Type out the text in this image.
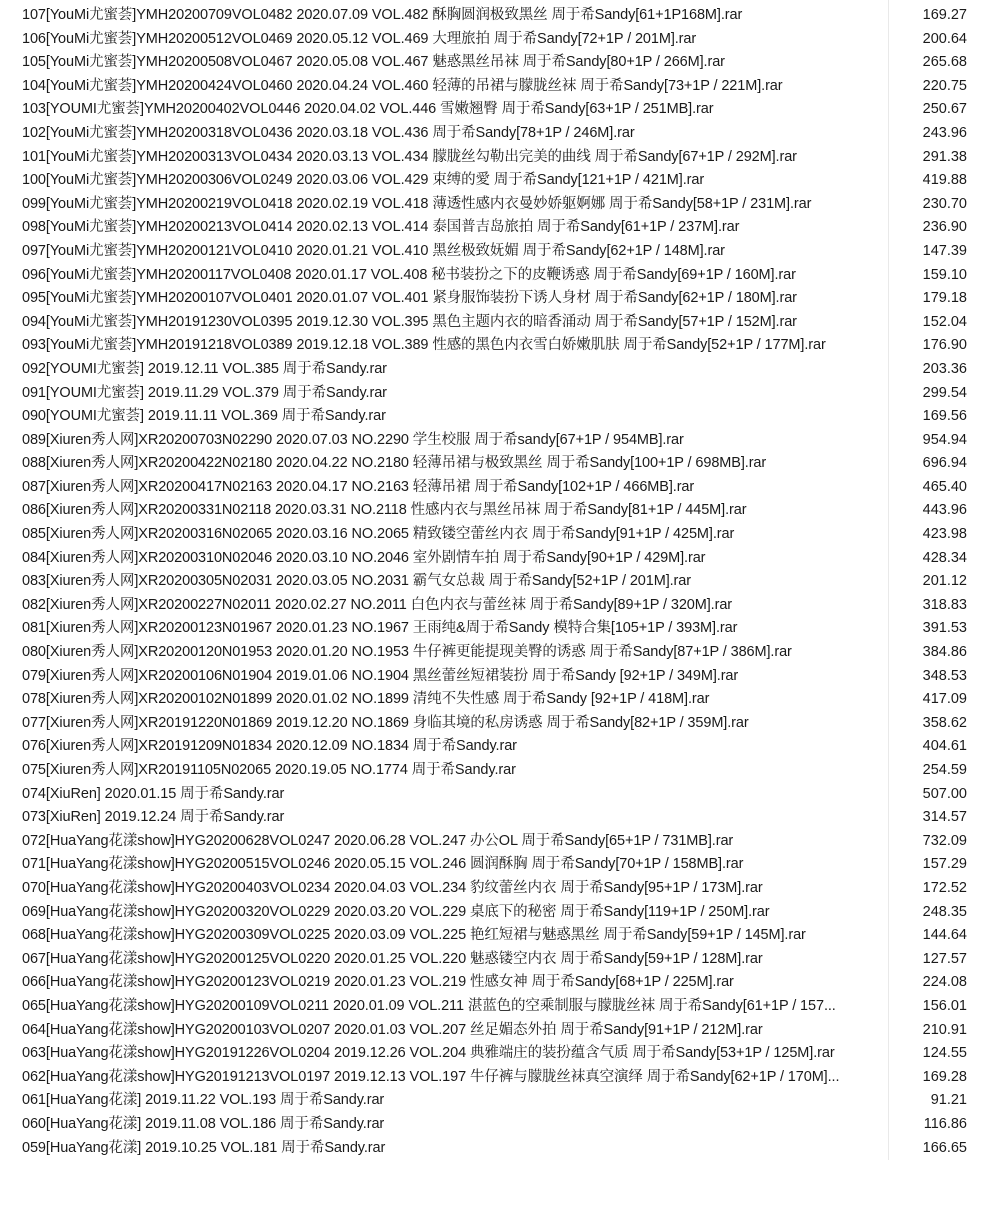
107[YouMi尤蜜荟]YMH20200709VOL0482 2020.07.09 VOL.482 酥胸圆润极致黑丝 周于希Sandy[61+1P168M].rar	169.27
106[YouMi尤蜜荟]YMH20200512VOL0469 2020.05.12 VOL.469 大理旅拍 周于希Sandy[72+1P / 201M].rar	200.64
105[YouMi尤蜜荟]YMH20200508VOL0467 2020.05.08 VOL.467 魅惑黑丝吊袜 周于希Sandy[80+1P / 266M].rar	265.68
104[YouMi尤蜜荟]YMH20200424VOL0460 2020.04.24 VOL.460 轻薄的吊裙与朦胧丝袜 周于希Sandy[73+1P / 221M].rar	220.75
103[YOUMI尤蜜荟]YMH20200402VOL0446 2020.04.02 VOL.446 雪嫩翘臀 周于希Sandy[63+1P / 251MB].rar	250.67
102[YouMi尤蜜荟]YMH20200318VOL0436 2020.03.18 VOL.436 周于希Sandy[78+1P / 246M].rar	243.96
101[YouMi尤蜜荟]YMH20200313VOL0434 2020.03.13 VOL.434 朦胧丝勾勒出完美的曲线 周于希Sandy[67+1P / 292M].rar	291.38
100[YouMi尤蜜荟]YMH20200306VOL0249 2020.03.06 VOL.429 束缚的愛 周于希Sandy[121+1P / 421M].rar	419.88
099[YouMi尤蜜荟]YMH20200219VOL0418 2020.02.19 VOL.418 薄透性感内衣曼妙娇躯婀娜 周于希Sandy[58+1P / 231M].rar	230.70
098[YouMi尤蜜荟]YMH20200213VOL0414 2020.02.13 VOL.414 泰国普吉岛旅拍 周于希Sandy[61+1P / 237M].rar	236.90
097[YouMi尤蜜荟]YMH20200121VOL0410 2020.01.21 VOL.410 黑丝极致妩媚 周于希Sandy[62+1P / 148M].rar	147.39
096[YouMi尤蜜荟]YMH20200117VOL0408 2020.01.17 VOL.408 秘书装扮之下的皮鞭诱惑 周于希Sandy[69+1P / 160M].rar	159.10
095[YouMi尤蜜荟]YMH20200107VOL0401 2020.01.07 VOL.401 紧身服饰装扮下诱人身材 周于希Sandy[62+1P / 180M].rar	179.18
094[YouMi尤蜜荟]YMH20191230VOL0395 2019.12.30 VOL.395 黑色主题内衣的暗香涌动 周于希Sandy[57+1P / 152M].rar	152.04
093[YouMi尤蜜荟]YMH20191218VOL0389 2019.12.18 VOL.389 性感的黑色内衣雪白娇嫩肌肤 周于希Sandy[52+1P / 177M].rar	176.90
092[YOUMI尤蜜荟] 2019.12.11 VOL.385 周于希Sandy.rar	203.36
091[YOUMI尤蜜荟] 2019.11.29 VOL.379 周于希Sandy.rar	299.54
090[YOUMI尤蜜荟] 2019.11.11 VOL.369 周于希Sandy.rar	169.56
089[Xiuren秀人网]XR20200703N02290 2020.07.03 NO.2290 学生校服 周于希sandy[67+1P / 954MB].rar	954.94
088[Xiuren秀人网]XR20200422N02180 2020.04.22 NO.2180 轻薄吊裙与极致黑丝 周于希Sandy[100+1P / 698MB].rar	696.94
087[Xiuren秀人网]XR20200417N02163 2020.04.17 NO.2163 轻薄吊裙 周于希Sandy[102+1P / 466MB].rar	465.40
086[Xiuren秀人网]XR20200331N02118 2020.03.31 NO.2118 性感内衣与黑丝吊袜 周于希Sandy[81+1P / 445M].rar	443.96
085[Xiuren秀人网]XR20200316N02065 2020.03.16 NO.2065 精致镂空蕾丝内衣 周于希Sandy[91+1P / 425M].rar	423.98
084[Xiuren秀人网]XR20200310N02046 2020.03.10 NO.2046 室外剧情车拍 周于希Sandy[90+1P / 429M].rar	428.34
083[Xiuren秀人网]XR20200305N02031 2020.03.05 NO.2031 霸气女总裁 周于希Sandy[52+1P / 201M].rar	201.12
082[Xiuren秀人网]XR20200227N02011 2020.02.27 NO.2011 白色内衣与蕾丝袜 周于希Sandy[89+1P / 320M].rar	318.83
081[Xiuren秀人网]XR20200123N01967 2020.01.23 NO.1967 王雨纯&周于希Sandy 模特合集[105+1P / 393M].rar	391.53
080[Xiuren秀人网]XR20200120N01953 2020.01.20 NO.1953 牛仔裤更能提现美臀的诱惑 周于希Sandy[87+1P / 386M].rar	384.86
079[Xiuren秀人网]XR20200106N01904 2019.01.06 NO.1904 黑丝蕾丝短裙装扮 周于希Sandy [92+1P / 349M].rar	348.53
078[Xiuren秀人网]XR20200102N01899 2020.01.02 NO.1899 清纯不失性感 周于希Sandy [92+1P / 418M].rar	417.09
077[Xiuren秀人网]XR20191220N01869 2019.12.20 NO.1869 身临其境的私房诱惑 周于希Sandy[82+1P / 359M].rar	358.62
076[Xiuren秀人网]XR20191209N01834 2020.12.09 NO.1834 周于希Sandy.rar	404.61
075[Xiuren秀人网]XR20191105N02065 2020.19.05 NO.1774 周于希Sandy.rar	254.59
074[XiuRen] 2020.01.15 周于希Sandy.rar	507.00
073[XiuRen] 2019.12.24 周于希Sandy.rar	314.57
072[HuaYang花漾show]HYG20200628VOL0247 2020.06.28 VOL.247 办公OL 周于希Sandy[65+1P / 731MB].rar	732.09
071[HuaYang花漾show]HYG20200515VOL0246 2020.05.15 VOL.246 圆润酥胸 周于希Sandy[70+1P / 158MB].rar	157.29
070[HuaYang花漾show]HYG20200403VOL0234 2020.04.03 VOL.234 豹纹蕾丝内衣 周于希Sandy[95+1P / 173M].rar	172.52
069[HuaYang花漾show]HYG20200320VOL0229 2020.03.20 VOL.229 桌底下的秘密 周于希Sandy[119+1P / 250M].rar	248.35
068[HuaYang花漾show]HYG20200309VOL0225 2020.03.09 VOL.225 艳红短裙与魅惑黑丝 周于希Sandy[59+1P / 145M].rar	144.64
067[HuaYang花漾show]HYG20200125VOL0220 2020.01.25 VOL.220 魅惑镂空内衣 周于希Sandy[59+1P / 128M].rar	127.57
066[HuaYang花漾show]HYG20200123VOL0219 2020.01.23 VOL.219 性感女神 周于希Sandy[68+1P / 225M].rar	224.08
065[HuaYang花漾show]HYG20200109VOL0211 2020.01.09 VOL.211 湛蓝色的空乘制服与朦胧丝袜 周于希Sandy[61+1P / 157...	156.01
064[HuaYang花漾show]HYG20200103VOL0207 2020.01.03 VOL.207 丝足媚态外拍 周于希Sandy[91+1P / 212M].rar	210.91
063[HuaYang花漾show]HYG20191226VOL0204 2019.12.26 VOL.204 典雅端庄的装扮蕴含气质 周于希Sandy[53+1P / 125M].rar	124.55
062[HuaYang花漾show]HYG20191213VOL0197 2019.12.13 VOL.197 牛仔裤与朦胧丝袜真空演绎 周于希Sandy[62+1P / 170M]...	169.28
061[HuaYang花漾] 2019.11.22 VOL.193 周于希Sandy.rar	91.21
060[HuaYang花漾] 2019.11.08 VOL.186 周于希Sandy.rar	116.86
059[HuaYang花漾] 2019.10.25 VOL.181 周于希Sandy.rar	166.65
